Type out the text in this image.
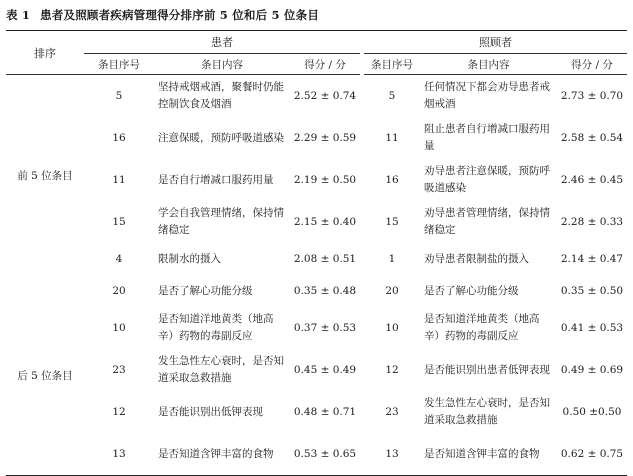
表 1 患者及照顾者疾病管理得分排序前 5 位和后 5 位条目

排序	患者				照顾者		
	条目序号	条目内容	得分 / 分		条目序号	条目内容	得分 / 分
前 5 位条目	5	坚持戒烟戒酒，聚餐时仍能控制饮食及烟酒	2.52 ± 0.74		5	任何情况下都会劝导患者戒烟戒酒	2.73 ± 0.70
	16	注意保暖，预防呼吸道感染	2.29 ± 0.59		11	阻止患者自行增减口服药用量	2.58 ± 0.54
	11	是否自行增减口服药用量	2.19 ± 0.50		16	劝导患者注意保暖，预防呼吸道感染	2.46 ± 0.45
	15	学会自我管理情绪，保持情绪稳定	2.15 ± 0.40		15	劝导患者管理情绪，保持情绪稳定	2.28 ± 0.33
	4	限制水的摄入	2.08 ± 0.51		1	劝导患者限制盐的摄入	2.14 ± 0.47
后 5 位条目	20	是否了解心功能分级	0.35 ± 0.48		20	是否了解心功能分级	0.35 ± 0.50
	10	是否知道洋地黄类（地高辛）药物的毒副反应	0.37 ± 0.53		10	是否知道洋地黄类（地高辛）药物的毒副反应	0.41 ± 0.53
	23	发生急性左心衰时，是否知道采取急救措施	0.45 ± 0.49		12	是否能识别出患者低钾表现	0.49 ± 0.69
	12	是否能识别出低钾表现	0.48 ± 0.71		23	发生急性左心衰时，是否知道采取急救措施	0.50 ±0.50
	13	是否知道含钾丰富的食物	0.53 ± 0.65		13	是否知道含钾丰富的食物	0.62 ± 0.75
